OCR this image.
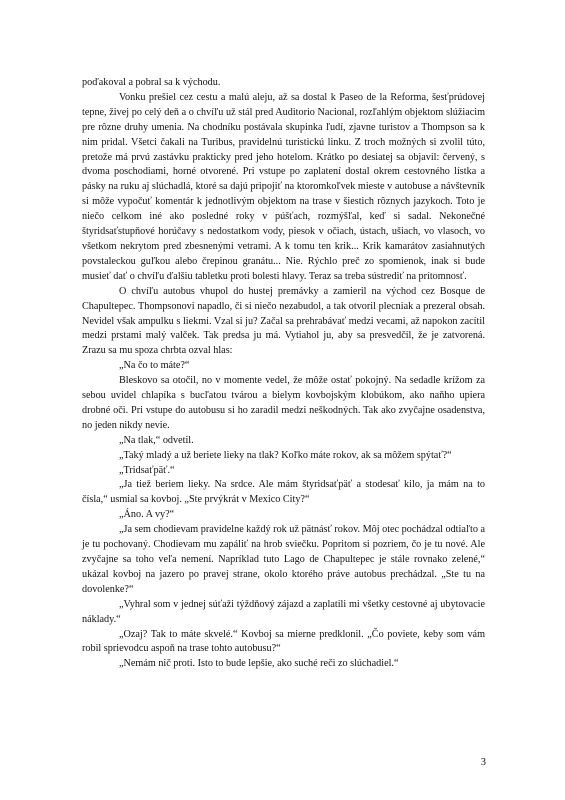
poďakoval a pobral sa k východu.

Vonku prešiel cez cestu a malú aleju, až sa dostal k Paseo de la Reforma, šesťprúdovej tepne, živej po celý deň a o chvíľu už stál pred Auditorio Nacional, rozľahlým objektom slúžiacim pre rôzne druhy umenia. Na chodníku postávala skupinka ľudí, zjavne turistov a Thompson sa k nim pridal. Všetci čakali na Turibus, pravidelnú turistickú linku. Z troch možných si zvolil túto, pretože má prvú zastávku prakticky pred jeho hotelom. Krátko po desiatej sa objavil: červený, s dvoma poschodiami, horné otvorené. Pri vstupe po zaplatení dostal okrem cestovného lístka a pásky na ruku aj slúchadlá, ktoré sa dajú pripojiť na ktoromkoľvek mieste v autobuse a návštevník si môže vypočuť komentár k jednotlivým objektom na trase v šiestich rôznych jazykoch. Toto je niečo celkom iné ako posledné roky v púšťach, rozmýšľal, keď si sadal. Nekonečné štyridsaťstupňové horúčavy s nedostatkom vody, piesok v očiach, ústach, ušiach, vo vlasoch, vo všetkom nekrytom pred zbesnenými vetrami. A k tomu ten krik... Krik kamarátov zasiahnutých povstaleckou guľkou alebo črepinou granátu... Nie. Rýchlo preč zo spomienok, inak si bude musieť dať o chvíľu ďalšiu tabletku proti bolesti hlavy. Teraz sa treba sústrediť na prítomnosť.

O chvíľu autobus vhupol do hustej premávky a zamieril na východ cez Bosque de Chapultepec. Thompsonovi napadlo, či si niečo nezabudol, a tak otvoril plecniak a prezeral obsah. Nevidel však ampulku s liekmi. Vzal si ju? Začal sa prehrabávať medzi vecami, až napokon zacítil medzi prstami malý valček. Tak predsa ju má. Vytiahol ju, aby sa presvedčil, že je zatvorená. Zrazu sa mu spoza chrbta ozval hlas:

„Na čo to máte?“

Bleskovo sa otočil, no v momente vedel, že môže ostať pokojný. Na sedadle krížom za sebou uvidel chlapíka s bucľatou tvárou a bielym kovbojským klobúkom, ako naňho upiera drobné oči. Pri vstupe do autobusu si ho zaradil medzi neškodných. Tak ako zvyčajne osadenstva, no jeden nikdy nevie.

„Na tlak,“ odvetil.

„Taký mladý a už beriete lieky na tlak? Koľko máte rokov, ak sa môžem spýtať?“

„Tridsaťpäť.“

„Ja tiež beriem lieky. Na srdce. Ale mám štyridsaťpäť a stodesať kilo, ja mám na to čísla,“ usmial sa kovboj. „Ste prvýkrát v Mexico City?“

„Áno. A vy?“

„Ja sem chodievam pravidelne každý rok už pätnásť rokov. Môj otec pochádzal odtiaľto a je tu pochovaný. Chodievam mu zapáliť na hrob sviečku. Popritom si pozriem, čo je tu nové. Ale zvyčajne sa toho veľa nemení. Napríklad tuto Lago de Chapultepec je stále rovnako zelené,“ ukázal kovboj na jazero po pravej strane, okolo ktorého práve autobus prechádzal. „Ste tu na dovolenke?“

„Vyhral som v jednej súťaži týždňový zájazd a zaplatili mi všetky cestovné aj ubytovacie náklady.“

„Ozaj? Tak to máte skvelé.“ Kovboj sa mierne predklonil. „Čo poviete, keby som vám robil sprievodcu aspoň na trase tohto autobusu?“

„Nemám nič proti. Isto to bude lepšie, ako suché reči zo slúchadiel.“

3
